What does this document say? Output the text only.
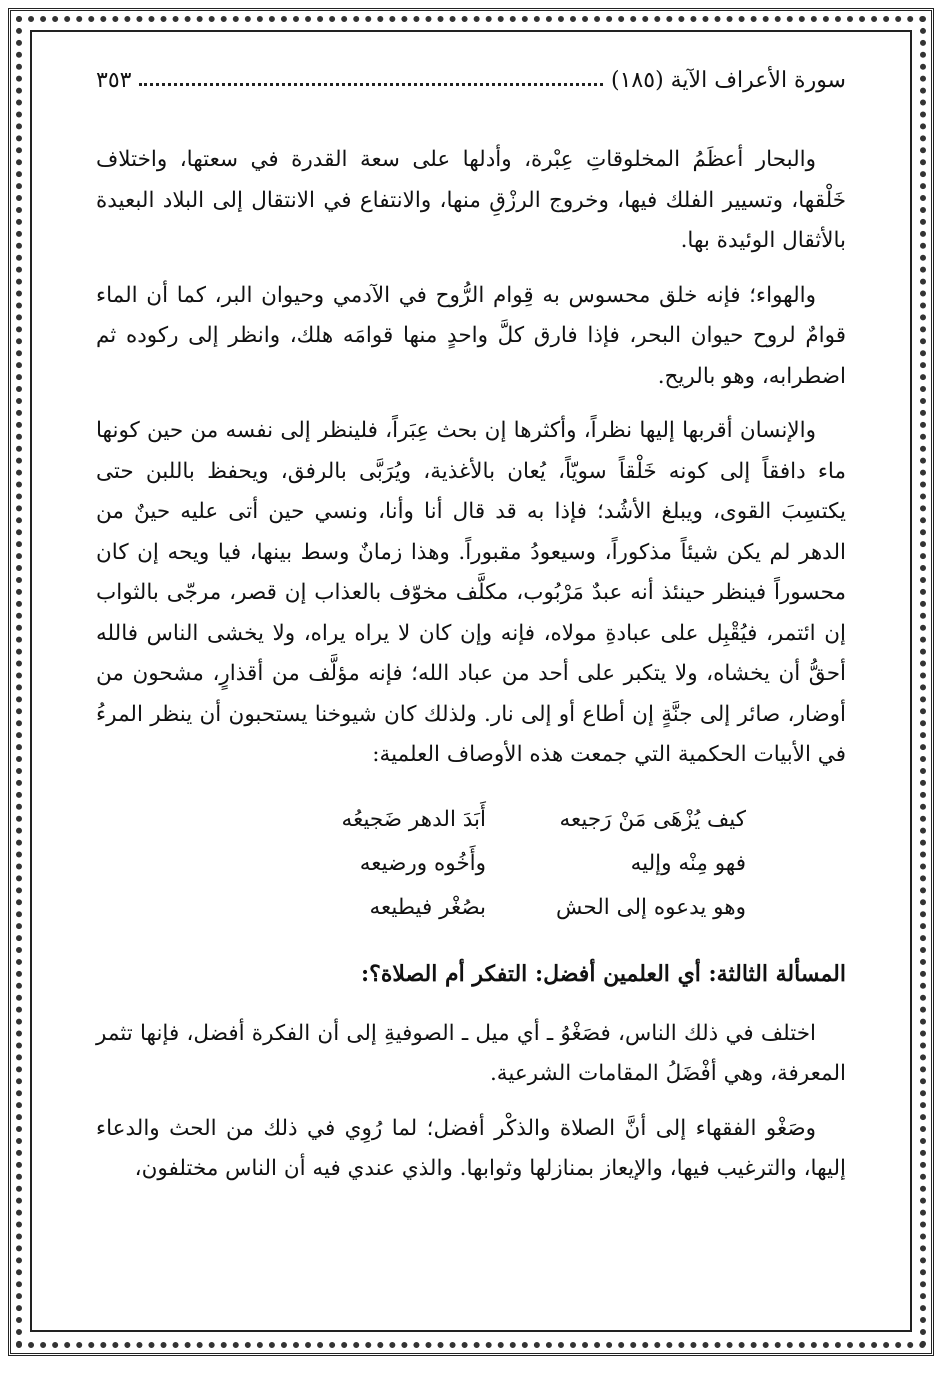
سورة الأعراف الآية (١٨٥)
٣٥٣

والبحار أعظَمُ المخلوقاتِ عِبْرة، وأدلها على سعة القدرة في سعتها، واختلاف خَلْقها، وتسيير الفلك فيها، وخروج الرزْقِ منها، والانتفاع في الانتقال إلى البلاد البعيدة بالأثقال الوئيدة بها.

والهواء؛ فإنه خلق محسوس به قِوام الرُّوح في الآدمي وحيوان البر، كما أن الماء قوامٌ لروح حيوان البحر، فإذا فارق كلَّ واحدٍ منها قوامَه هلك، وانظر إلى ركوده ثم اضطرابه، وهو بالريح.

والإنسان أقربها إليها نظراً، وأكثرها إن بحث عِبَراً، فلينظر إلى نفسه من حين كونها ماء دافقاً إلى كونه خَلْقاً سويّاً، يُعان بالأغذية، ويُرَبَّى بالرفق، ويحفظ باللبن حتى يكتسِبَ القوى، ويبلغ الأشُد؛ فإذا به قد قال أنا وأنا، ونسي حين أتى عليه حينٌ من الدهر لم يكن شيئاً مذكوراً، وسيعودُ مقبوراً. وهذا زمانٌ وسط بينها، فيا ويحه إن كان محسوراً فينظر حينئذ أنه عبدٌ مَرْبُوب، مكلَّف مخوّف بالعذاب إن قصر، مرجّى بالثواب إن ائتمر، فيُقْبِل على عبادةِ مولاه، فإنه وإن كان لا يراه يراه، ولا يخشى الناس فالله أحقُّ أن يخشاه، ولا يتكبر على أحد من عباد الله؛ فإنه مؤلَّف من أقذارٍ، مشحون من أوضار، صائر إلى جنَّةٍ إن أطاع أو إلى نار. ولذلك كان شيوخنا يستحبون أن ينظر المرءُ في الأبيات الحكمية التي جمعت هذه الأوصاف العلمية:

كيف يُزْهَى مَنْ رَجيعه
أَبَدَ الدهر ضَجيعُه
فهو مِنْه وإليه
وأَخُوه ورضيعه
وهو يدعوه إلى الحش
بصُغْر فيطيعه
المسألة الثالثة: أي العلمين أفضل: التفكر أم الصلاة؟:

اختلف في ذلك الناس، فصَغْوُ ـ أي ميل ـ الصوفيةِ إلى أن الفكرة أفضل، فإنها تثمر المعرفة، وهي أفْضَلُ المقامات الشرعية.

وصَغْو الفقهاء إلى أنَّ الصلاة والذكْر أفضل؛ لما رُوِي في ذلك من الحث والدعاء إليها، والترغيب فيها، والإيعاز بمنازلها وثوابها. والذي عندي فيه أن الناس مختلفون،
